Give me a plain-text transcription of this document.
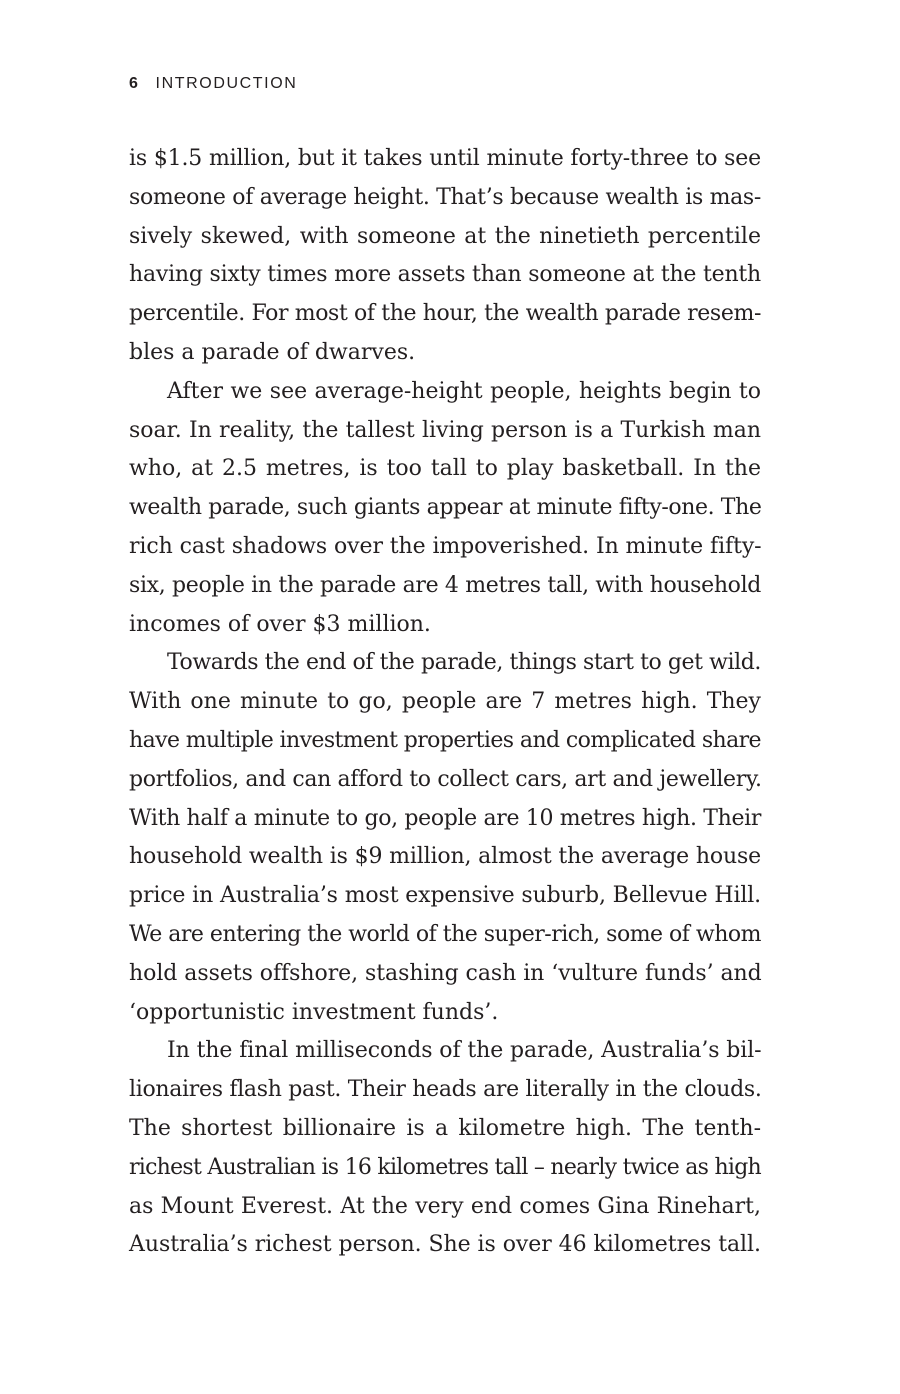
6 INTRODUCTION

is $1.5 million, but it takes until minute forty-three to see
someone of average height. That’s because wealth is mas-
sively skewed, with someone at the ninetieth percentile
having sixty times more assets than someone at the tenth
percentile. For most of the hour, the wealth parade resem-
bles a parade of dwarves.

After we see average-height people, heights begin to
soar. In reality, the tallest living person is a Turkish man
who, at 2.5 metres, is too tall to play basketball. In the
wealth parade, such giants appear at minute fifty-one. The
rich cast shadows over the impoverished. In minute fifty-
six, people in the parade are 4 metres tall, with household
incomes of over $3 million.

Towards the end of the parade, things start to get wild.
With one minute to go, people are 7 metres high. They
have multiple investment properties and complicated share
portfolios, and can afford to collect cars, art and jewellery.
With half a minute to go, people are 10 metres high. Their
household wealth is $9 million, almost the average house
price in Australia’s most expensive suburb, Bellevue Hill.
We are entering the world of the super-rich, some of whom
hold assets offshore, stashing cash in ‘vulture funds’ and
‘opportunistic investment funds’.

In the final milliseconds of the parade, Australia’s bil-
lionaires flash past. Their heads are literally in the clouds.
The shortest billionaire is a kilometre high. The tenth-
richest Australian is 16 kilometres tall – nearly twice as high
as Mount Everest. At the very end comes Gina Rinehart,
Australia’s richest person. She is over 46 kilometres tall.
